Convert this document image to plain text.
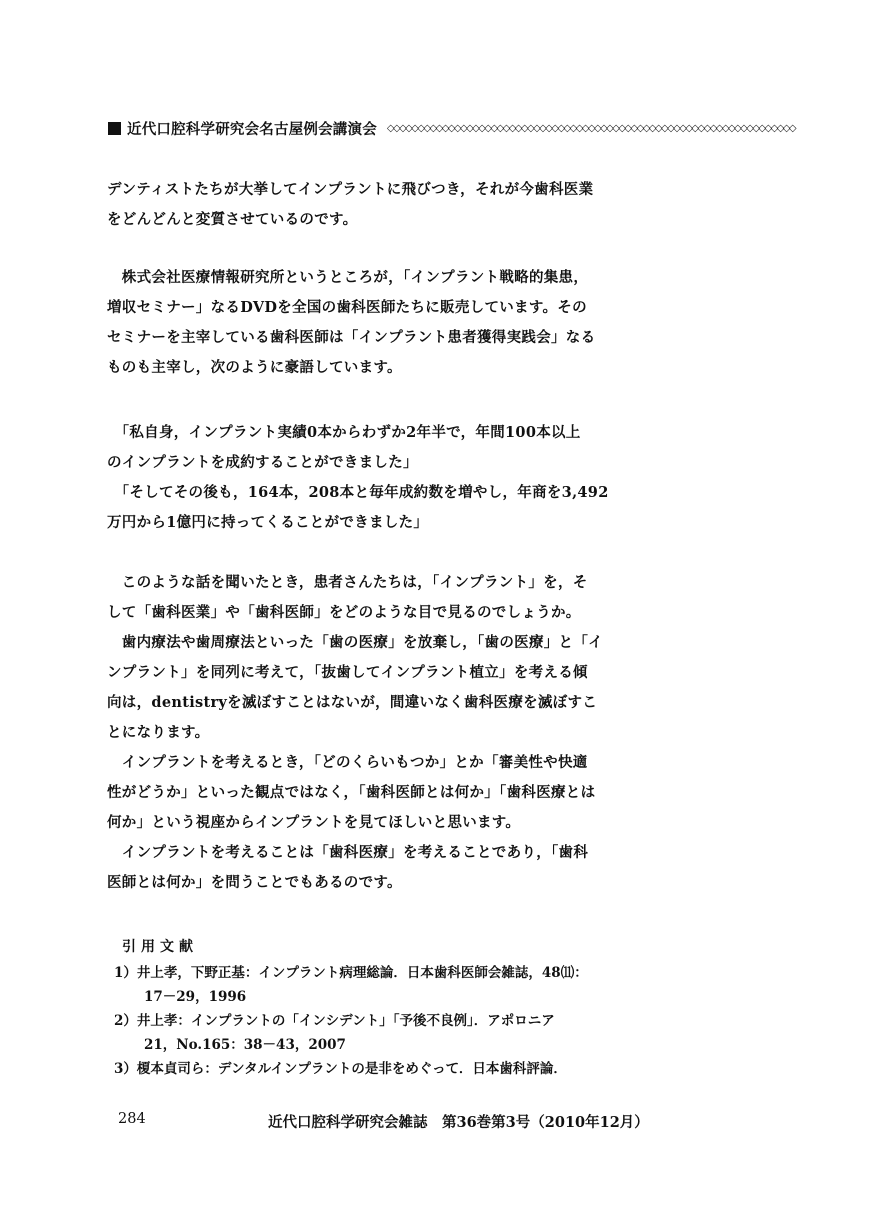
近代口腔科学研究会名古屋例会講演会 ◇◇◇◇◇◇◇◇◇◇◇◇◇◇◇◇◇◇◇◇◇◇◇◇◇◇◇◇◇◇◇◇◇◇◇◇◇◇◇◇◇◇◇◇◇◇◇◇◇◇◇◇◇◇◇◇◇◇◇◇◇◇◇◇◇◇◇
デンティストたちが大挙してインプラントに飛びつき，それが今歯科医業
をどんどんと変質させているのです。
　株式会社医療情報研究所というところが，「インプラント戦略的集患，
増収セミナー」なるDVDを全国の歯科医師たちに販売しています。その
セミナーを主宰している歯科医師は「インプラント患者獲得実践会」なる
ものも主宰し，次のように豪語しています。
　「私自身，インプラント実績0本からわずか2年半で，年間100本以上
のインプラントを成約することができました」
　「そしてその後も，164本，208本と毎年成約数を増やし，年商を3,492
万円から1億円に持ってくることができました」
　このような話を聞いたとき，患者さんたちは，「インプラント」を，そ
して「歯科医業」や「歯科医師」をどのような目で見るのでしょうか。
　歯内療法や歯周療法といった「歯の医療」を放棄し，「歯の医療」と「イ
ンプラント」を同列に考えて，「抜歯してインプラント植立」を考える傾
向は，dentistryを滅ぼすことはないが，間違いなく歯科医療を滅ぼすこ
とになります。
　インプラントを考えるとき，「どのくらいもつか」とか「審美性や快適
性がどうか」といった観点ではなく，「歯科医師とは何か」「歯科医療とは
何か」という視座からインプラントを見てほしいと思います。
　インプラントを考えることは「歯科医療」を考えることであり，「歯科
医師とは何か」を問うことでもあるのです。
引用文献
1）井上孝，下野正基：インプラント病理総論．日本歯科医師会雑誌，48⑾：
17－29，1996
2）井上孝：インプラントの「インシデント」「予後不良例」．アポロニア
21，No.165：38－43，2007
3）榎本貞司ら：デンタルインプラントの是非をめぐって．日本歯科評論．
284	近代口腔科学研究会雑誌　第36巻第3号（2010年12月）
